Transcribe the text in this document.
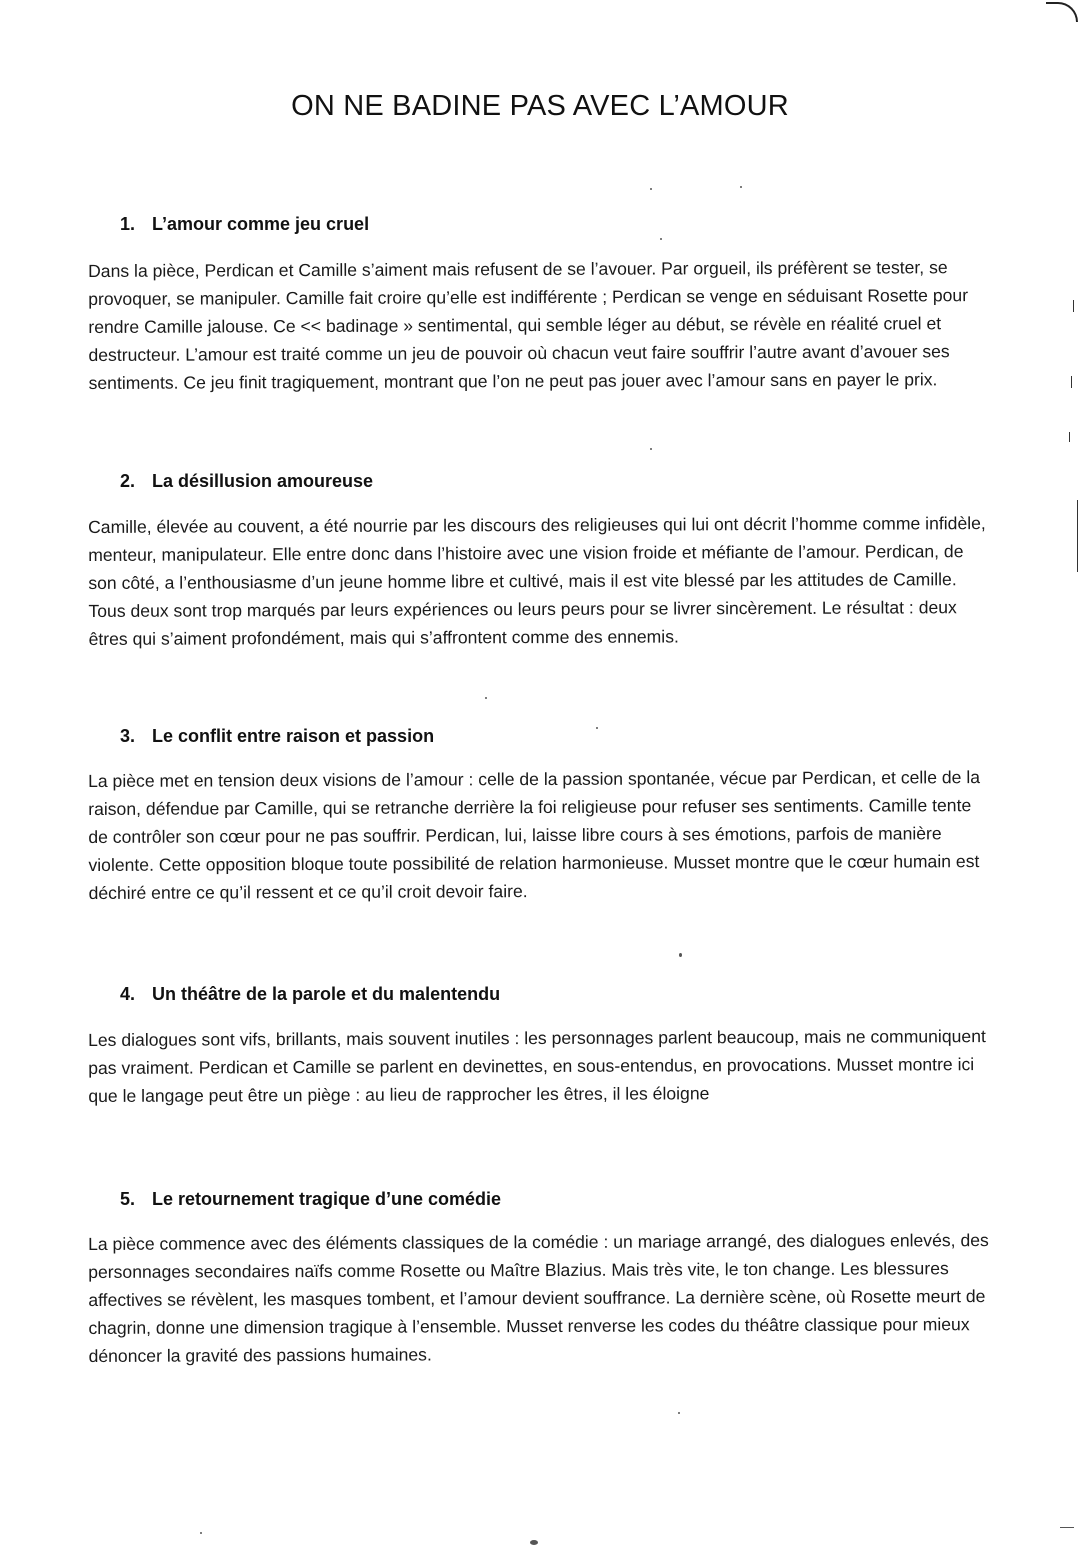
ON NE BADINE PAS AVEC L’AMOUR
1. L’amour comme jeu cruel

Dans la pièce, Perdican et Camille s’aiment mais refusent de se l’avouer. Par orgueil, ils préfèrent se tester, se provoquer, se manipuler. Camille fait croire qu’elle est indifférente ; Perdican se venge en séduisant Rosette pour rendre Camille jalouse. Ce << badinage » sentimental, qui semble léger au début, se révèle en réalité cruel et destructeur. L’amour est traité comme un jeu de pouvoir où chacun veut faire souffrir l’autre avant d’avouer ses sentiments. Ce jeu finit tragiquement, montrant que l’on ne peut pas jouer avec l’amour sans en payer le prix.

2. La désillusion amoureuse

Camille, élevée au couvent, a été nourrie par les discours des religieuses qui lui ont décrit l’homme comme infidèle, menteur, manipulateur. Elle entre donc dans l’histoire avec une vision froide et méfiante de l’amour. Perdican, de son côté, a l’enthousiasme d’un jeune homme libre et cultivé, mais il est vite blessé par les attitudes de Camille. Tous deux sont trop marqués par leurs expériences ou leurs peurs pour se livrer sincèrement. Le résultat : deux êtres qui s’aiment profondément, mais qui s’affrontent comme des ennemis.

3. Le conflit entre raison et passion

La pièce met en tension deux visions de l’amour : celle de la passion spontanée, vécue par Perdican, et celle de la raison, défendue par Camille, qui se retranche derrière la foi religieuse pour refuser ses sentiments. Camille tente de contrôler son cœur pour ne pas souffrir. Perdican, lui, laisse libre cours à ses émotions, parfois de manière violente. Cette opposition bloque toute possibilité de relation harmonieuse. Musset montre que le cœur humain est déchiré entre ce qu’il ressent et ce qu’il croit devoir faire.

4. Un théâtre de la parole et du malentendu

Les dialogues sont vifs, brillants, mais souvent inutiles : les personnages parlent beaucoup, mais ne communiquent pas vraiment. Perdican et Camille se parlent en devinettes, en sous-entendus, en provocations. Musset montre ici que le langage peut être un piège : au lieu de rapprocher les êtres, il les éloigne

5. Le retournement tragique d’une comédie

La pièce commence avec des éléments classiques de la comédie : un mariage arrangé, des dialogues enlevés, des personnages secondaires naïfs comme Rosette ou Maître Blazius. Mais très vite, le ton change. Les blessures affectives se révèlent, les masques tombent, et l’amour devient souffrance. La dernière scène, où Rosette meurt de chagrin, donne une dimension tragique à l’ensemble. Musset renverse les codes du théâtre classique pour mieux dénoncer la gravité des passions humaines.
